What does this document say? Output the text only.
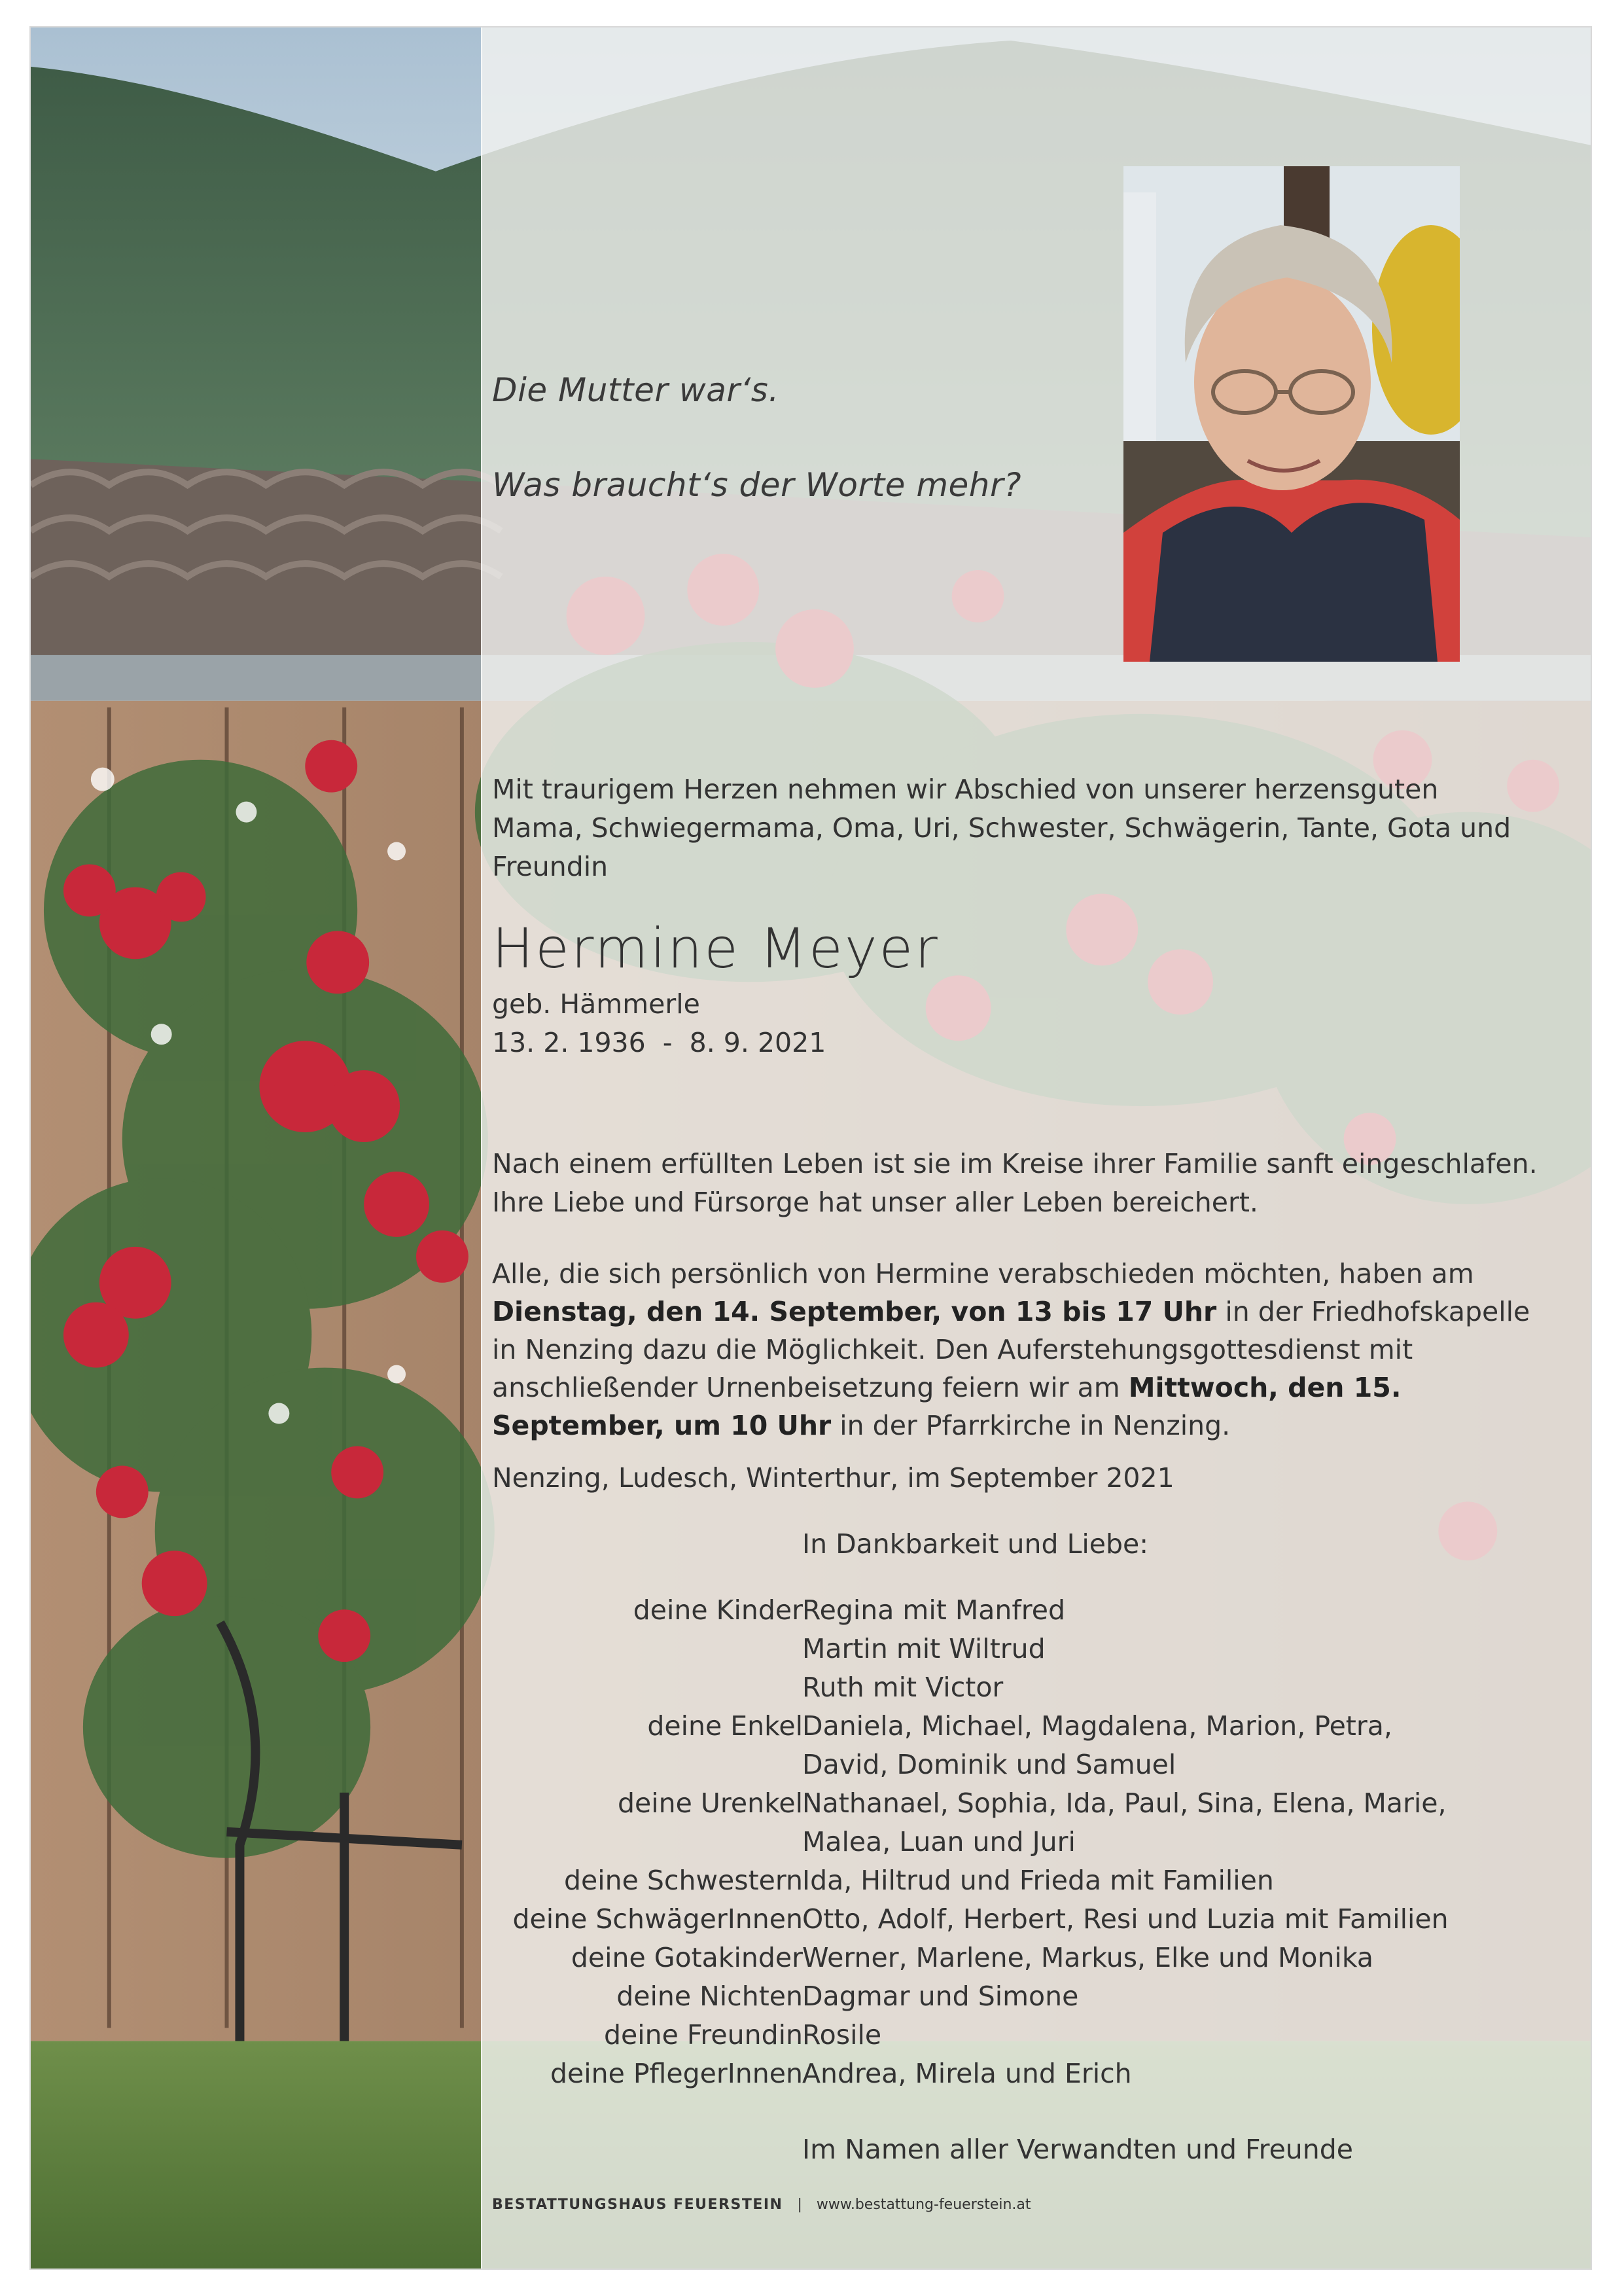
Die Mutter war‘s.
Was braucht‘s der Worte mehr?
Mit traurigem Herzen nehmen wir Abschied von unserer herzensguten Mama, Schwiegermama, Oma, Uri, Schwester, Schwägerin, Tante, Gota und Freundin
Hermine Meyer
geb. Hämmerle
13. 2. 1936  -  8. 9. 2021
Nach einem erfüllten Leben ist sie im Kreise ihrer Familie sanft eingeschlafen. Ihre Liebe und Fürsorge hat unser aller Leben bereichert.
Alle, die sich persönlich von Hermine verabschieden möchten, haben am Dienstag, den 14. September, von 13 bis 17 Uhr in der Friedhofskapelle in Nenzing dazu die Möglichkeit. Den Auferstehungsgottesdienst mit anschließender Urnenbeisetzung feiern wir am Mittwoch, den 15. September, um 10 Uhr in der Pfarrkirche in Nenzing.
Nenzing, Ludesch, Winterthur, im September 2021
In Dankbarkeit und Liebe:
deine Kinder Regina mit Manfred
Martin mit Wiltrud
Ruth mit Victor
deine Enkel Daniela, Michael, Magdalena, Marion, Petra,
David, Dominik und Samuel
deine Urenkel Nathanael, Sophia, Ida, Paul, Sina, Elena, Marie,
Malea, Luan und Juri
deine Schwestern Ida, Hiltrud und Frieda mit Familien
deine SchwägerInnen Otto, Adolf, Herbert, Resi und Luzia mit Familien
deine Gotakinder Werner, Marlene, Markus, Elke und Monika
deine Nichten Dagmar und Simone
deine Freundin Rosile
deine PflegerInnen Andrea, Mirela und Erich
Im Namen aller Verwandten und Freunde
BESTATTUNGSHAUS FEUERSTEIN | www.bestattung-feuerstein.at
